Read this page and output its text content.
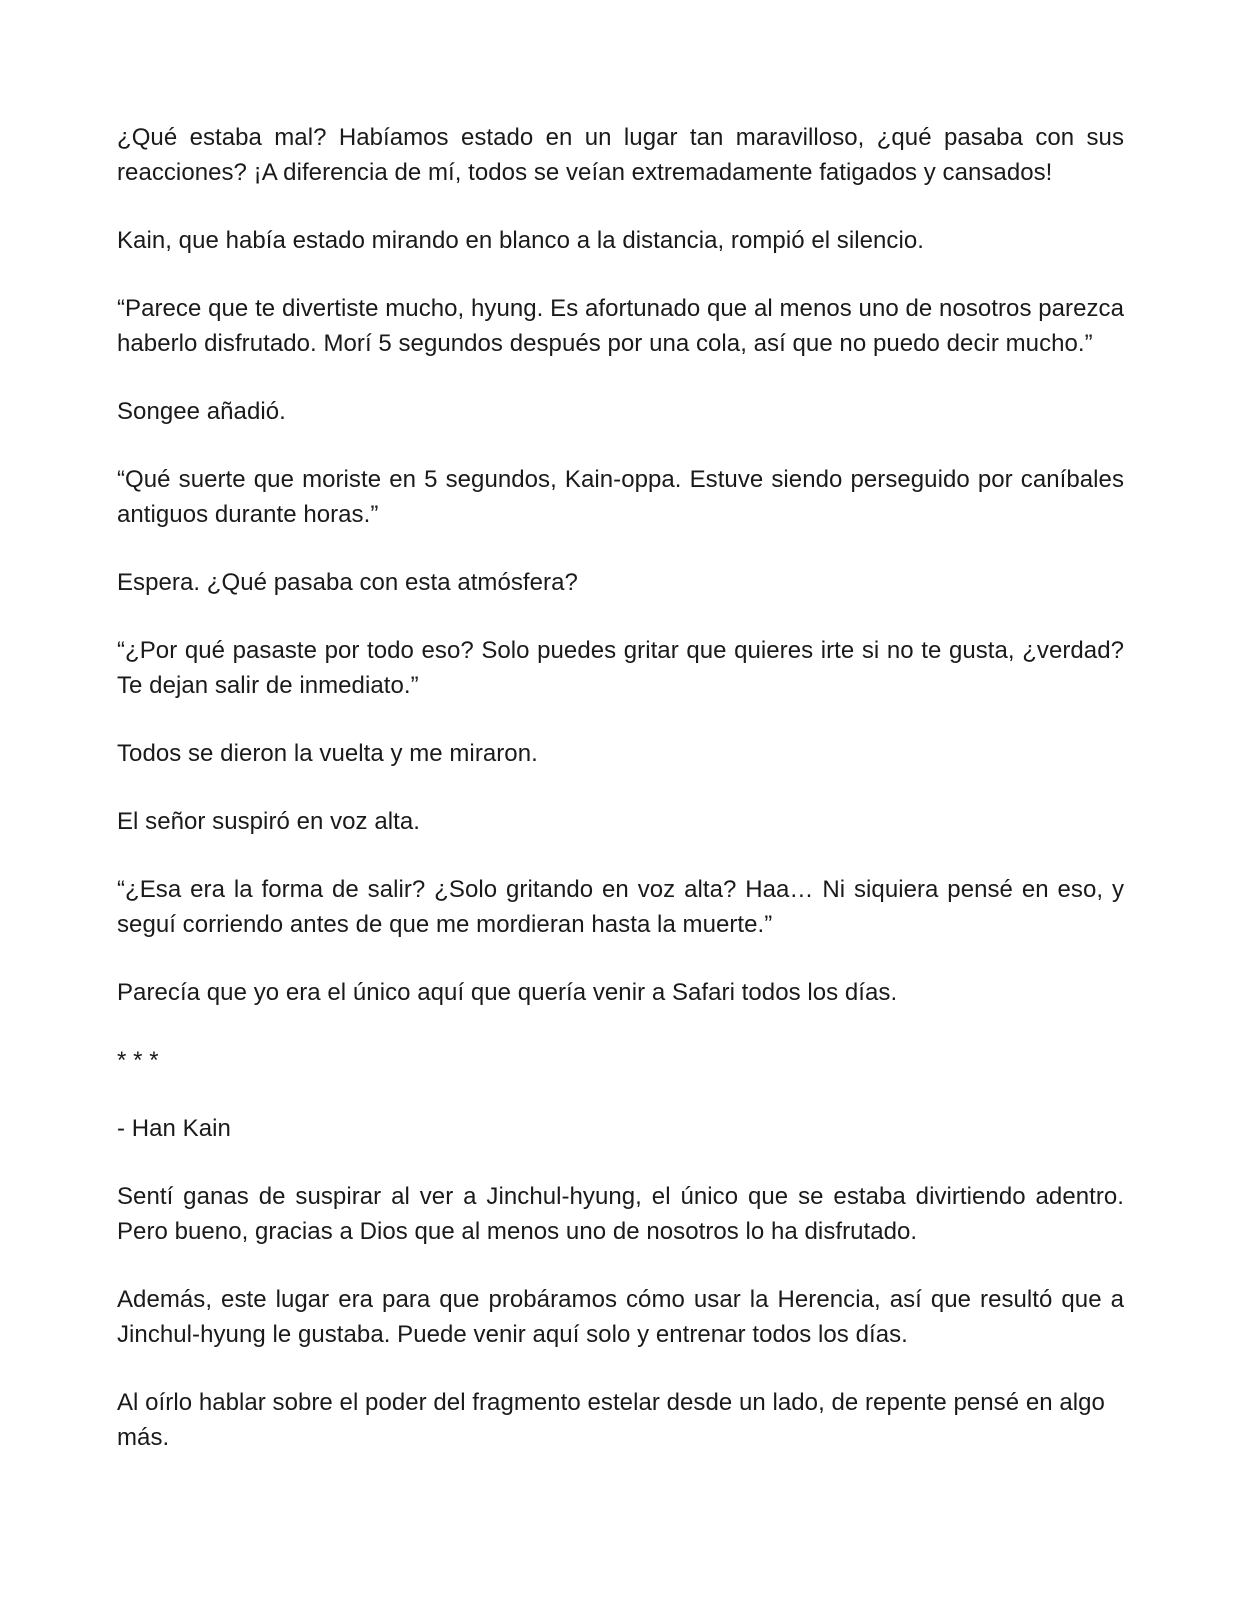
¿Qué estaba mal? Habíamos estado en un lugar tan maravilloso, ¿qué pasaba con sus reacciones? ¡A diferencia de mí, todos se veían extremadamente fatigados y cansados!

Kain, que había estado mirando en blanco a la distancia, rompió el silencio.

“Parece que te divertiste mucho, hyung. Es afortunado que al menos uno de nosotros parezca haberlo disfrutado. Morí 5 segundos después por una cola, así que no puedo decir mucho.”

Songee añadió.

“Qué suerte que moriste en 5 segundos, Kain-oppa. Estuve siendo perseguido por caníbales antiguos durante horas.”

Espera. ¿Qué pasaba con esta atmósfera?

“¿Por qué pasaste por todo eso? Solo puedes gritar que quieres irte si no te gusta, ¿verdad? Te dejan salir de inmediato.”

Todos se dieron la vuelta y me miraron.

El señor suspiró en voz alta.

“¿Esa era la forma de salir? ¿Solo gritando en voz alta? Haa… Ni siquiera pensé en eso, y seguí corriendo antes de que me mordieran hasta la muerte.”

Parecía que yo era el único aquí que quería venir a Safari todos los días.

* * *

- Han Kain

Sentí ganas de suspirar al ver a Jinchul-hyung, el único que se estaba divirtiendo adentro. Pero bueno, gracias a Dios que al menos uno de nosotros lo ha disfrutado.

Además, este lugar era para que probáramos cómo usar la Herencia, así que resultó que a Jinchul-hyung le gustaba. Puede venir aquí solo y entrenar todos los días.

Al oírlo hablar sobre el poder del fragmento estelar desde un lado, de repente pensé en algo más.
